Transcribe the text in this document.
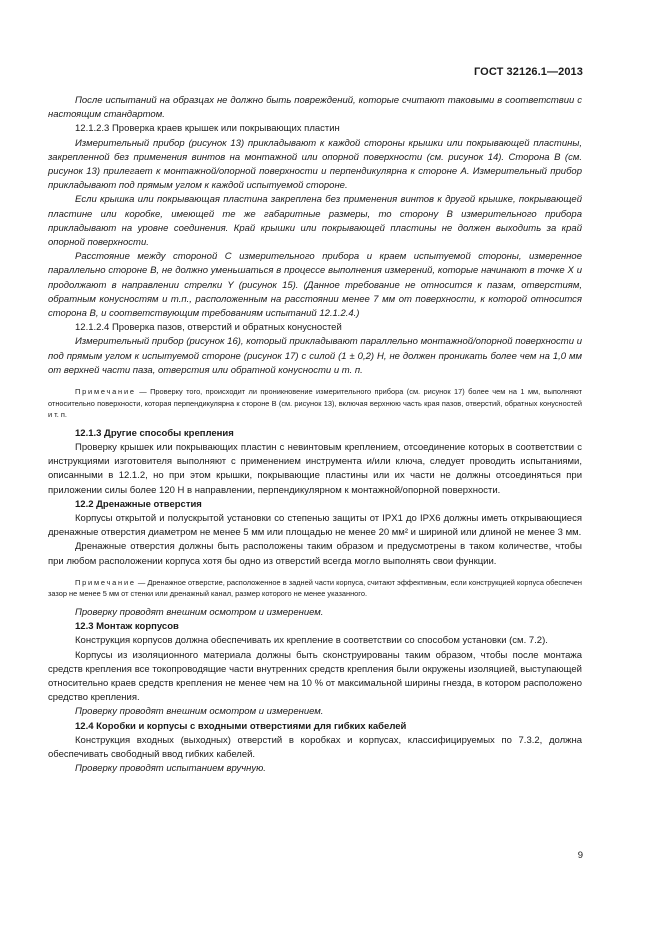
ГОСТ 32126.1—2013

После испытаний на образцах не должно быть повреждений, которые считают таковыми в соответствии с настоящим стандартом.

12.1.2.3 Проверка краев крышек или покрывающих пластин

Измерительный прибор (рисунок 13) прикладывают к каждой стороны крышки или покрывающей пластины, закрепленной без применения винтов на монтажной или опорной поверхности (см. рисунок 14). Сторона В (см. рисунок 13) прилегает к монтажной/опорной поверхности и перпендикулярна к стороне А. Измерительный прибор прикладывают под прямым углом к каждой испытуемой стороне.

Если крышка или покрывающая пластина закреплена без применения винтов к другой крышке, покрывающей пластине или коробке, имеющей те же габаритные размеры, то сторону В измерительного прибора прикладывают на уровне соединения. Край крышки или покрывающей пластины не должен выходить за край опорной поверхности.

Расстояние между стороной С измерительного прибора и краем испытуемой стороны, измеренное параллельно стороне В, не должно уменьшаться в процессе выполнения измерений, которые начинают в точке X и продолжают в направлении стрелки Y (рисунок 15). (Данное требование не относится к пазам, отверстиям, обратным конусностям и т.п., расположенным на расстоянии менее 7 мм от поверхности, к которой относится сторона В, и соответствующим требованиям испытаний 12.1.2.4.)

12.1.2.4 Проверка пазов, отверстий и обратных конусностей

Измерительный прибор (рисунок 16), который прикладывают параллельно монтажной/опорной поверхности и под прямым углом к испытуемой стороне (рисунок 17) с силой (1 ± 0,2) Н, не должен проникать более чем на 1,0 мм от верхней части паза, отверстия или обратной конусности и т. п.

Примечание — Проверку того, происходит ли проникновение измерительного прибора (см. рисунок 17) более чем на 1 мм, выполняют относительно поверхности, которая перпендикулярна к стороне В (см. рисунок 13), включая верхнюю часть края пазов, отверстий, обратных конусностей и т. п.

12.1.3 Другие способы крепления

Проверку крышек или покрывающих пластин с невинтовым креплением, отсоединение которых в соответствии с инструкциями изготовителя выполняют с применением инструмента и/или ключа, следует проводить испытаниями, описанными в 12.1.2, но при этом крышки, покрывающие пластины или их части не должны отсоединяться при приложении силы более 120 Н в направлении, перпендикулярном к монтажной/опорной поверхности.

12.2 Дренажные отверстия

Корпусы открытой и полускрытой установки со степенью защиты от IPX1 до IPX6 должны иметь открывающиеся дренажные отверстия диаметром не менее 5 мм или площадью не менее 20 мм² и шириной или длиной не менее 3 мм.

Дренажные отверстия должны быть расположены таким образом и предусмотрены в таком количестве, чтобы при любом расположении корпуса хотя бы одно из отверстий всегда могло выполнять свои функции.

Примечание — Дренажное отверстие, расположенное в задней части корпуса, считают эффективным, если конструкцией корпуса обеспечен зазор не менее 5 мм от стенки или дренажный канал, размер которого не менее указанного.

Проверку проводят внешним осмотром и измерением.

12.3 Монтаж корпусов

Конструкция корпусов должна обеспечивать их крепление в соответствии со способом установки (см. 7.2).

Корпусы из изоляционного материала должны быть сконструированы таким образом, чтобы после монтажа средств крепления все токопроводящие части внутренних средств крепления были окружены изоляцией, выступающей относительно краев средств крепления не менее чем на 10 % от максимальной ширины гнезда, в котором расположено средство крепления.

Проверку проводят внешним осмотром и измерением.

12.4 Коробки и корпусы с входными отверстиями для гибких кабелей

Конструкция входных (выходных) отверстий в коробках и корпусах, классифицируемых по 7.3.2, должна обеспечивать свободный ввод гибких кабелей.

Проверку проводят испытанием вручную.

9
